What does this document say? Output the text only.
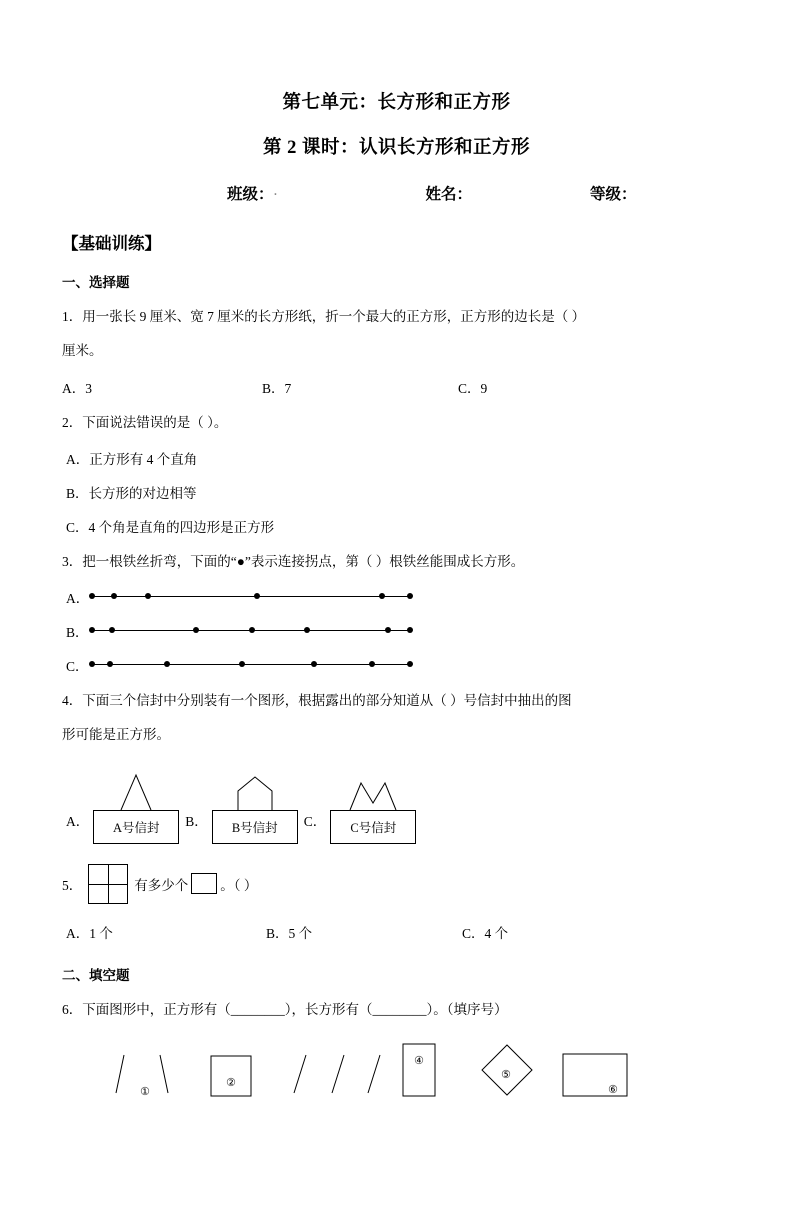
第七单元：长方形和正方形
第 2 课时：认识长方形和正方形
班级： .	姓名：	等级：
【基础训练】
一、选择题
1．用一张长 9 厘米、宽 7 厘米的长方形纸，折一个最大的正方形，正方形的边长是（ ）
厘米。
A．3	B．7	C．9
2．下面说法错误的是（ ）。
A．正方形有 4 个直角
B．长方形的对边相等
C．4 个角是直角的四边形是正方形
3．把一根铁丝折弯，下面的“●”表示连接拐点，第（ ）根铁丝能围成长方形。
A．
B．
C．
4．下面三个信封中分别装有一个图形，根据露出的部分知道从（ ）号信封中抽出的图
形可能是正方形。
A．	A号信封	B．	B号信封	C．	C号信封
5．	有多少个 。（ ）
A．1 个	B．5 个	C．4 个
二、填空题
6．下面图形中，正方形有（________），长方形有（________）。（填序号）
①
②
④
⑤
⑥
